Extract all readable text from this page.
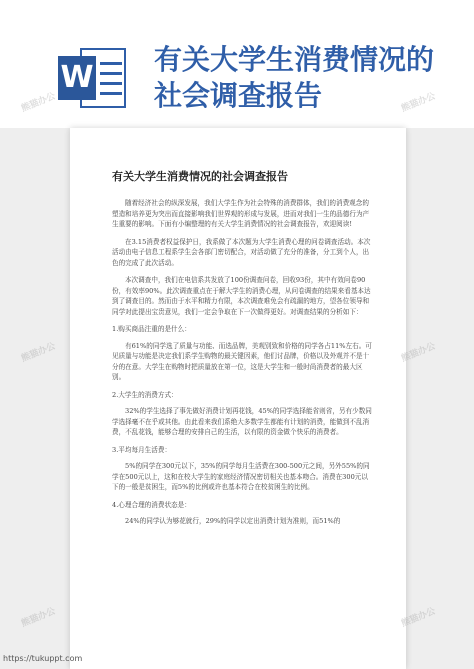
W
有关大学生消费情况的社会调查报告
有关大学生消费情况的社会调查报告

随着经济社会的纵深发展，我们大学生作为社会特殊的消费群体，我们的消费观念的塑造和培养更为突出而直接影响我们世界观的形成与发展，进而对我们一生的品德行为产生重要的影响。下面有小编整理的有关大学生消费情况的社会调查报告，欢迎阅读!

在3.15消费者权益保护日，我系做了本次题为大学生消费心理的问卷调查活动。本次活动由电子信息工程系学生会各部门密切配合，对活动做了充分的准备，分工到个人，出色的完成了此次活动。

本次调查中，我们在电信系共发放了100份调查问卷，回收93份，其中有效问卷90份，有效率90%。此次调查重点在于解大学生的消费心理，从问卷调查的结果来看基本达到了调查目的。然而由于水平和精力有限，本次调查难免会有疏漏的地方，望各位领导和同学对此提出宝贵意见，我们一定会争取在下一次做得更好。对调查结果的分析如下：

1.购买商品注重的是什么：

有61%的同学选了质量与功能、而选品牌，美观别致和价格的同学各占11%左右。可见质量与功能是决定我们系学生购物的最关键因素，他们讨品牌，价格以及外观并不是十分的在意。大学生在购物时把质量放在第一位，这是大学生和一般时尚消费者的最大区别。

2.大学生的消费方式：

32%的学生选择了事先做好消费计划再花钱，45%的同学选择能省则省，另有少数同学选择毫不在乎或其他。由此看来我们系绝大多数学生都能有计划的消费，能做到不乱消费，不乱花钱，能够合理的安排自己的生活，以有限的资金做个快乐的消费者。

3.平均每月生活费：

5%的同学在300元以下，35%的同学每月生活费在300-500元之间，另外55%的同学在500元以上，这和在校大学生的家庭经济情况密切相关也基本吻合。消费在300元以下的一般是贫困生，而5%的比例或许也基本符合在校贫困生的比例。

4.心理合理的消费状态是：

24%的同学认为够花就行，29%的同学以定出消费计划为准则，而51%的

熊猫办公	熊猫办公
熊猫办公	熊猫办公
熊猫办公	熊猫办公
https://tukuppt.com
